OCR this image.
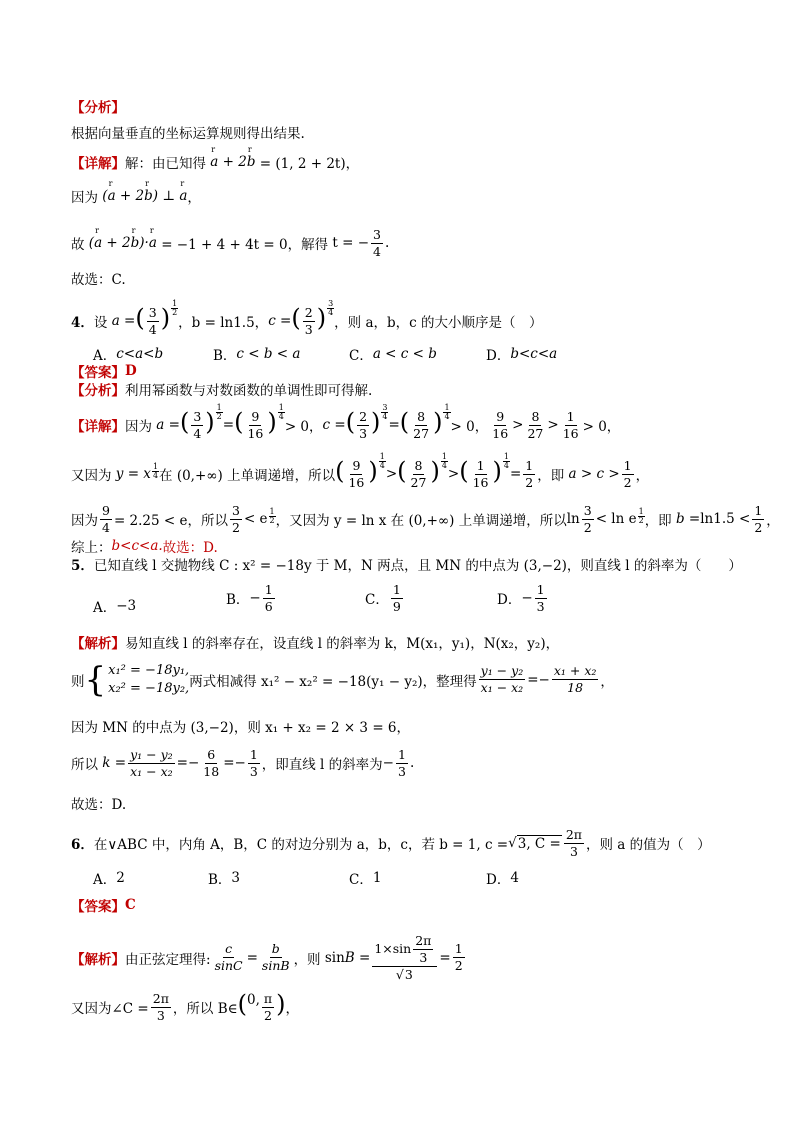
【分析】
根据向量垂直的坐标运算规则得出结果.
【详解】 解：由已知得
r a + 2r b = (1, 2 + 2t)，
因为 (r a + 2r b) ⊥ r a ，
故 (r a + 2r b)·r a = −1 + 4 + 4t = 0，解得
t = − $\frac{3}{4}$ .
故选：C.
4． 设 a = ( $\frac{3}{4}$ )
1
2
，b = ln1.5， c = ( $\frac{2}{3}$ )
3
4
，则 a，b，c 的大小顺序是（　）
A． c<a<b	B． c < b < a	C． a < c < b	D． b<c<a
【答案】 D
【分析】 利用幂函数与对数函数的单调性即可得解.
【详解】 因为 a = ( $\frac{3}{4}$ )
1
2
= ( $\frac{9}{16}$ )
1
4
> 0， c = ( $\frac{2}{3}$ )
3
4
= ( $\frac{8}{27}$ )
1
4
> 0， $\frac{9}{16} > \frac{8}{27} > \frac{1}{16} > 0$，
又因为 y = x 1
4 在 (0,+∞) 上单调递增，所以 ( $\frac{9}{16}$ )
1
4
> ( $\frac{8}{27}$ )
1
4
> ( $\frac{1}{16}$ )
1
4
= $\frac{1}{2}$ ，即 $a > c > \frac{1}{2}$ ，
因为 $\frac{9}{4} = 2.25 < e$，所以 $\frac{3}{2} < e$ 1
2 ，又因为 y = ln x 在 (0,+∞) 上单调递增，所以 $\ln \frac{3}{2} < \ln e$ 1
2 ，即 $b = \ln 1.5 < \frac{1}{2}$ ，
综上： b<c<a. 故选：D.
5． 已知直线 l 交抛物线 C : x² = −18y 于 M，N 两点，且 MN 的中点为 (3,−2)，则直线 l 的斜率为（　　）
A． −3	B． − $\frac{1}{6}$	C． $\frac{1}{9}$	D． − $\frac{1}{3}$
【解析】 易知直线 l 的斜率存在，设直线 l 的斜率为 k，M(x₁，y₁)，N(x₂，y₂)，
则 { x₁² = −18y₁,
x₂² = −18y₂, 两式相减得 x₁² − x₂² = −18(y₁ − y₂)，整理得 $\frac{\text{y₁ − y₂}}{\text{x₁ − x₂}} =- \frac{\text{x₁ + x₂}}{18}$ ，
因为 MN 的中点为 (3,−2)，则 x₁ + x₂ = 2 × 3 = 6，
所以 $k = \frac{\text{y₁ − y₂}}{\text{x₁ − x₂}} =- \frac{6}{18} =- \frac{1}{3}$ ，即直线 l 的斜率为 − $\frac{1}{3}$ .
故选：D.
6． 在∨ABC 中，内角 A，B，C 的对边分别为 a，b，c，若 b = 1, c = √ 3, $C = \frac{2\pi}{3}$ ，则 a 的值为（　）
A． 2	B． 3	C． 1	D． 4
【答案】 C
【解析】 由正弦定理得: $\frac{c}{\sin C} = \frac{b}{\sin B}$ ，则 $\sin B = \frac{1\times\sin \frac{2\pi}{3}}{√3} = \frac{1}{2}$
又因为∠C = $\frac{2\pi}{3}$ ，所以 B∈ ( 0, $\frac{\pi}{2}$ ) ，
